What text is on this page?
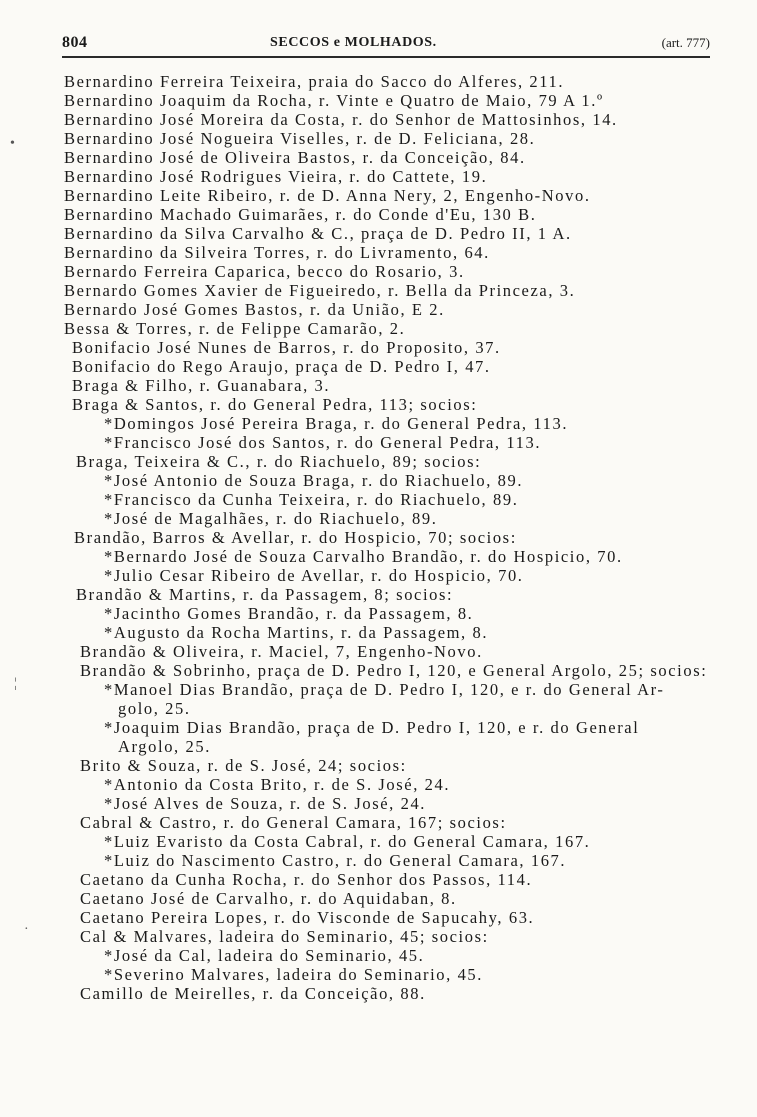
804	SECCOS e MOLHADOS.	(art. 777)
Bernardino Ferreira Teixeira, praia do Sacco do Alferes, 211.
Bernardino Joaquim da Rocha, r. Vinte e Quatro de Maio, 79 A 1.º
Bernardino José Moreira da Costa, r. do Senhor de Mattosinhos, 14.
Bernardino José Nogueira Viselles, r. de D. Feliciana, 28.
Bernardino José de Oliveira Bastos, r. da Conceição, 84.
Bernardino José Rodrigues Vieira, r. do Cattete, 19.
Bernardino Leite Ribeiro, r. de D. Anna Nery, 2, Engenho-Novo.
Bernardino Machado Guimarães, r. do Conde d'Eu, 130 B.
Bernardino da Silva Carvalho & C., praça de D. Pedro II, 1 A.
Bernardino da Silveira Torres, r. do Livramento, 64.
Bernardo Ferreira Caparica, becco do Rosario, 3.
Bernardo Gomes Xavier de Figueiredo, r. Bella da Princeza, 3.
Bernardo José Gomes Bastos, r. da União, E 2.
Bessa & Torres, r. de Felippe Camarão, 2.
Bonifacio José Nunes de Barros, r. do Proposito, 37.
Bonifacio do Rego Araujo, praça de D. Pedro I, 47.
Braga & Filho, r. Guanabara, 3.
Braga & Santos, r. do General Pedra, 113; socios:
*Domingos José Pereira Braga, r. do General Pedra, 113.
*Francisco José dos Santos, r. do General Pedra, 113.
Braga, Teixeira & C., r. do Riachuelo, 89; socios:
*José Antonio de Souza Braga, r. do Riachuelo, 89.
*Francisco da Cunha Teixeira, r. do Riachuelo, 89.
*José de Magalhães, r. do Riachuelo, 89.
Brandão, Barros & Avellar, r. do Hospicio, 70; socios:
*Bernardo José de Souza Carvalho Brandão, r. do Hospicio, 70.
*Julio Cesar Ribeiro de Avellar, r. do Hospicio, 70.
Brandão & Martins, r. da Passagem, 8; socios:
*Jacintho Gomes Brandão, r. da Passagem, 8.
*Augusto da Rocha Martins, r. da Passagem, 8.
Brandão & Oliveira, r. Maciel, 7, Engenho-Novo.
Brandão & Sobrinho, praça de D. Pedro I, 120, e General Argolo, 25; socios:
*Manoel Dias Brandão, praça de D. Pedro I, 120, e r. do General Ar-
golo, 25.
*Joaquim Dias Brandão, praça de D. Pedro I, 120, e r. do General
Argolo, 25.
Brito & Souza, r. de S. José, 24; socios:
*Antonio da Costa Brito, r. de S. José, 24.
*José Alves de Souza, r. de S. José, 24.
Cabral & Castro, r. do General Camara, 167; socios:
*Luiz Evaristo da Costa Cabral, r. do General Camara, 167.
*Luiz do Nascimento Castro, r. do General Camara, 167.
Caetano da Cunha Rocha, r. do Senhor dos Passos, 114.
Caetano José de Carvalho, r. do Aquidaban, 8.
Caetano Pereira Lopes, r. do Visconde de Sapucahy, 63.
Cal & Malvares, ladeira do Seminario, 45; socios:
*José da Cal, ladeira do Seminario, 45.
*Severino Malvares, ladeira do Seminario, 45.
Camillo de Meirelles, r. da Conceição, 88.
•
¦
·
